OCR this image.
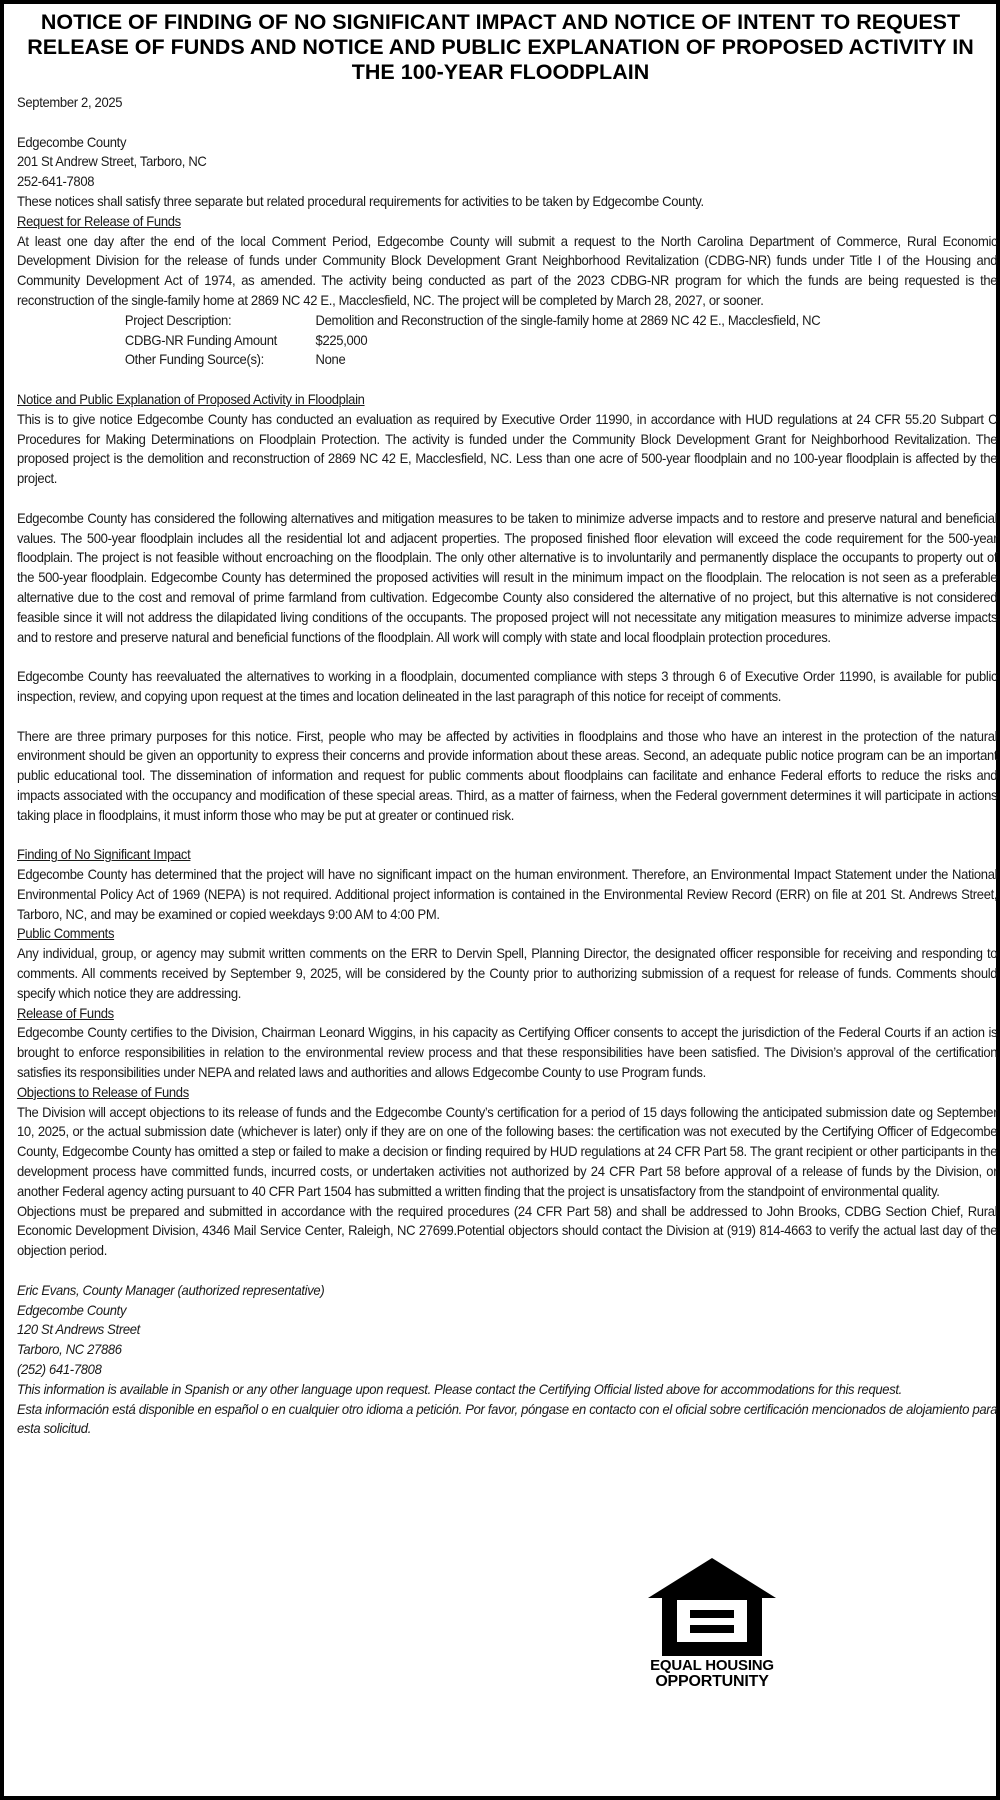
NOTICE OF FINDING OF NO SIGNIFICANT IMPACT AND NOTICE OF INTENT TO REQUEST RELEASE OF FUNDS AND NOTICE AND PUBLIC EXPLANATION OF PROPOSED ACTIVITY IN THE 100-YEAR FLOODPLAIN

September 2, 2025

Edgecombe County

201 St Andrew Street, Tarboro, NC

252-641-7808

These notices shall satisfy three separate but related procedural requirements for activities to be taken by Edgecombe County.

Request for Release of Funds

At least one day after the end of the local Comment Period, Edgecombe County will submit a request to the North Carolina Department of Commerce, Rural Economic Development Division for the release of funds under Community Block Development Grant Neighborhood Revitalization (CDBG-NR) funds under Title I of the Housing and Community Development Act of 1974, as amended. The activity being conducted as part of the 2023 CDBG-NR program for which the funds are being requested is the reconstruction of the single-family home at 2869 NC 42 E., Macclesfield, NC. The project will be completed by March 28, 2027, or sooner.

Project Description:	Demolition and Reconstruction of the single-family home at 2869 NC 42 E., Macclesfield, NC
CDBG-NR Funding Amount	$225,000
Other Funding Source(s):	None

Notice and Public Explanation of Proposed Activity in Floodplain

This is to give notice Edgecombe County has conducted an evaluation as required by Executive Order 11990, in accordance with HUD regulations at 24 CFR 55.20 Subpart C Procedures for Making Determinations on Floodplain Protection. The activity is funded under the Community Block Development Grant for Neighborhood Revitalization. The proposed project is the demolition and reconstruction of 2869 NC 42 E, Macclesfield, NC. Less than one acre of 500-year floodplain and no 100-year floodplain is affected by the project.

Edgecombe County has considered the following alternatives and mitigation measures to be taken to minimize adverse impacts and to restore and preserve natural and beneficial values. The 500-year floodplain includes all the residential lot and adjacent properties. The proposed finished floor elevation will exceed the code requirement for the 500-year floodplain. The project is not feasible without encroaching on the floodplain. The only other alternative is to involuntarily and permanently displace the occupants to property out of the 500-year floodplain. Edgecombe County has determined the proposed activities will result in the minimum impact on the floodplain. The relocation is not seen as a preferable alternative due to the cost and removal of prime farmland from cultivation. Edgecombe County also considered the alternative of no project, but this alternative is not considered feasible since it will not address the dilapidated living conditions of the occupants. The proposed project will not necessitate any mitigation measures to minimize adverse impacts and to restore and preserve natural and beneficial functions of the floodplain. All work will comply with state and local floodplain protection procedures.

Edgecombe County has reevaluated the alternatives to working in a floodplain, documented compliance with steps 3 through 6 of Executive Order 11990, is available for public inspection, review, and copying upon request at the times and location delineated in the last paragraph of this notice for receipt of comments.

There are three primary purposes for this notice. First, people who may be affected by activities in floodplains and those who have an interest in the protection of the natural environment should be given an opportunity to express their concerns and provide information about these areas. Second, an adequate public notice program can be an important public educational tool. The dissemination of information and request for public comments about floodplains can facilitate and enhance Federal efforts to reduce the risks and impacts associated with the occupancy and modification of these special areas. Third, as a matter of fairness, when the Federal government determines it will participate in actions taking place in floodplains, it must inform those who may be put at greater or continued risk.

Finding of No Significant Impact

Edgecombe County has determined that the project will have no significant impact on the human environment. Therefore, an Environmental Impact Statement under the National Environmental Policy Act of 1969 (NEPA) is not required. Additional project information is contained in the Environmental Review Record (ERR) on file at 201 St. Andrews Street, Tarboro, NC, and may be examined or copied weekdays 9:00 AM to 4:00 PM.

Public Comments

Any individual, group, or agency may submit written comments on the ERR to Dervin Spell, Planning Director, the designated officer responsible for receiving and responding to comments. All comments received by September 9, 2025, will be considered by the County prior to authorizing submission of a request for release of funds. Comments should specify which notice they are addressing.

Release of Funds

Edgecombe County certifies to the Division, Chairman Leonard Wiggins, in his capacity as Certifying Officer consents to accept the jurisdiction of the Federal Courts if an action is brought to enforce responsibilities in relation to the environmental review process and that these responsibilities have been satisfied. The Division’s approval of the certification satisfies its responsibilities under NEPA and related laws and authorities and allows Edgecombe County to use Program funds.

Objections to Release of Funds

The Division will accept objections to its release of funds and the Edgecombe County’s certification for a period of 15 days following the anticipated submission date og September 10, 2025, or the actual submission date (whichever is later) only if they are on one of the following bases: the certification was not executed by the Certifying Officer of Edgecombe County, Edgecombe County has omitted a step or failed to make a decision or finding required by HUD regulations at 24 CFR Part 58. The grant recipient or other participants in the development process have committed funds, incurred costs, or undertaken activities not authorized by 24 CFR Part 58 before approval of a release of funds by the Division, or another Federal agency acting pursuant to 40 CFR Part 1504 has submitted a written finding that the project is unsatisfactory from the standpoint of environmental quality.

Objections must be prepared and submitted in accordance with the required procedures (24 CFR Part 58) and shall be addressed to John Brooks, CDBG Section Chief, Rural Economic Development Division, 4346 Mail Service Center, Raleigh, NC 27699.Potential objectors should contact the Division at (919) 814-4663 to verify the actual last day of the objection period.

Eric Evans, County Manager (authorized representative)

Edgecombe County

120 St Andrews Street

Tarboro, NC 27886

(252) 641-7808

This information is available in Spanish or any other language upon request. Please contact the Certifying Official listed above for accommodations for this request.

Esta información está disponible en español o en cualquier otro idioma a petición. Por favor, póngase en contacto con el oficial sobre certificación mencionados de alojamiento para esta solicitud.

EQUAL HOUSING
OPPORTUNITY
